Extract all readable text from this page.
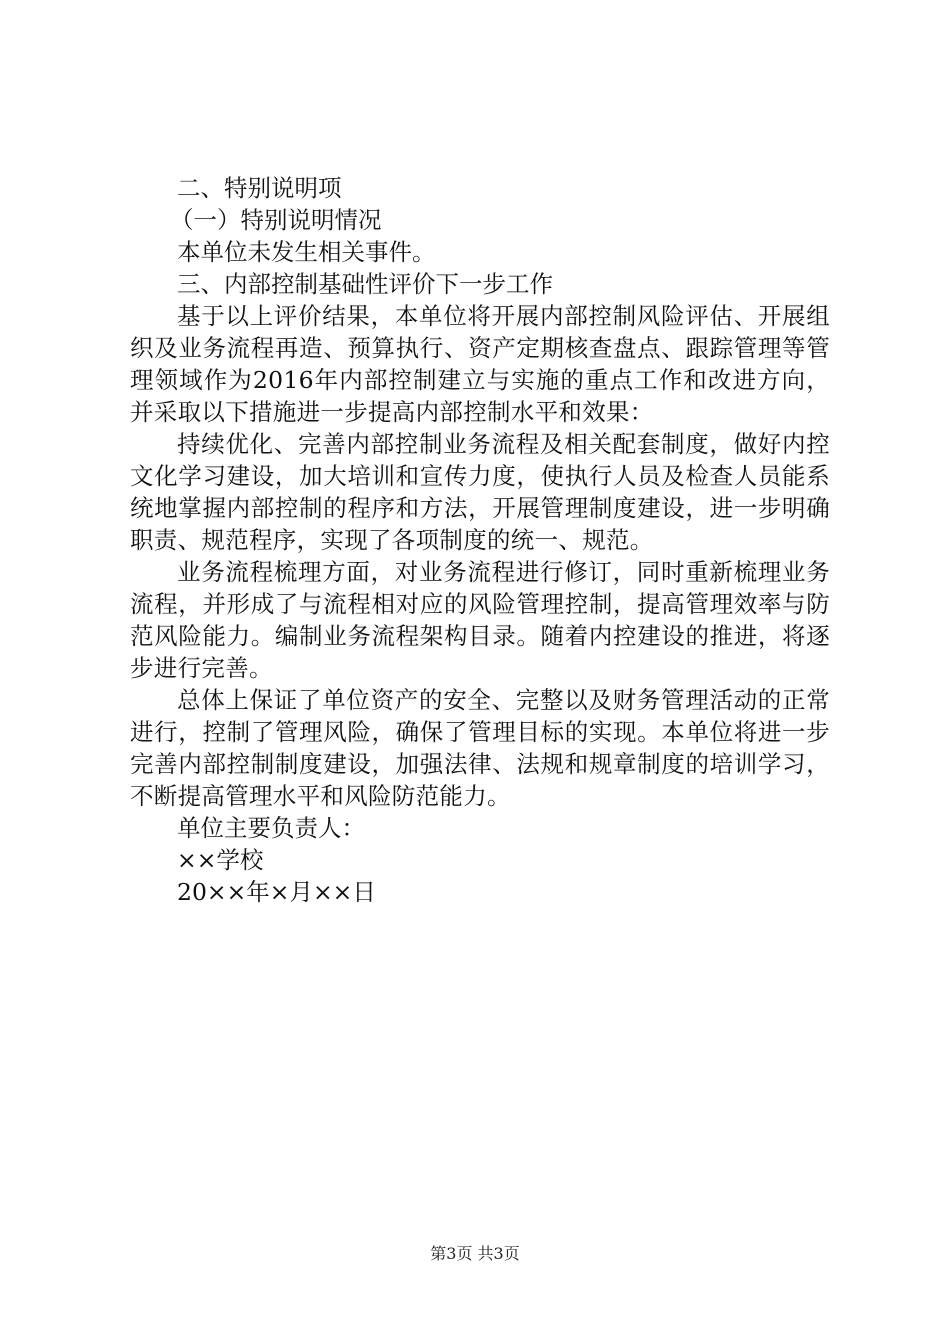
二、特别说明项
（一）特别说明情况
本单位未发生相关事件。
三、内部控制基础性评价下一步工作

基于以上评价结果，本单位将开展内部控制风险评估、开展组织及业务流程再造、预算执行、资产定期核查盘点、跟踪管理等管理领域作为2016年内部控制建立与实施的重点工作和改进方向，并采取以下措施进一步提高内部控制水平和效果：

持续优化、完善内部控制业务流程及相关配套制度，做好内控文化学习建设，加大培训和宣传力度，使执行人员及检查人员能系统地掌握内部控制的程序和方法，开展管理制度建设，进一步明确职责、规范程序，实现了各项制度的统一、规范。

业务流程梳理方面，对业务流程进行修订，同时重新梳理业务流程，并形成了与流程相对应的风险管理控制，提高管理效率与防范风险能力。编制业务流程架构目录。随着内控建设的推进，将逐步进行完善。

总体上保证了单位资产的安全、完整以及财务管理活动的正常进行，控制了管理风险，确保了管理目标的实现。本单位将进一步完善内部控制制度建设，加强法律、法规和规章制度的培训学习，不断提高管理水平和风险防范能力。

单位主要负责人：
××学校
20××年×月××日
第3页 共3页
